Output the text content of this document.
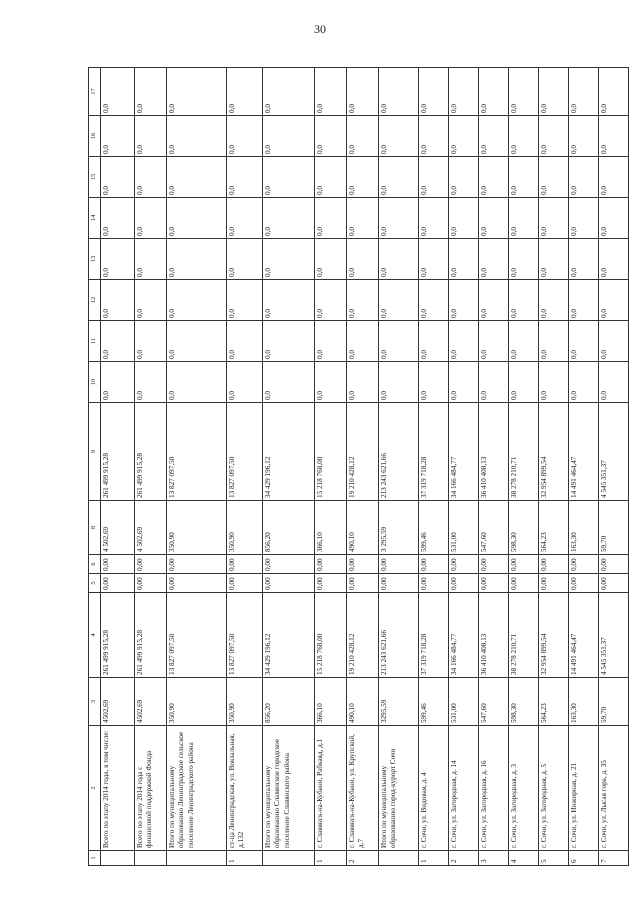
30
1	2	3	4	5	6	8	9	10	11	12	13	14	15	16	17
	Всего по этапу 2014 года, в том числе:	4502,69	261 499 915,28	0,00	0,00	4 502,69	261 499 915,28	0,0	0,0	0,0	0,0	0,0	0,0	0,0	0,0
	Всего по этапу 2014 года с финансовой поддержкой Фонда	4502,69	261 499 915,28	0,00	0,00	4 502,69	261 499 915,28	0,0	0,0	0,0	0,0	0,0	0,0	0,0	0,0
	Итого по муниципальному образованию Ленинградское сельское поселение Ленинградского района	350,90	13 827 097,50	0,00	0,00	350,90	13 827 097,50	0,0	0,0	0,0	0,0	0,0	0,0	0,0	0,0
1	ст-ца Ленинградская, ул. Вокзальная, д.132	350,90	13 827 097,50	0,00	0,00	350,90	13 827 097,50	0,0	0,0	0,0	0,0	0,0	0,0	0,0	0,0
	Итого по муниципальному образованию Славянское городское поселение Славянского района	856,20	34 429 196,12	0,00	0,00	856,20	34 429 196,12	0,0	0,0	0,0	0,0	0,0	0,0	0,0	0,0
1	г. Славянск-на-Кубани, Рабкаяд, д.1	366,10	15 218 768,00	0,00	0,00	366,10	15 218 768,00	0,0	0,0	0,0	0,0	0,0	0,0	0,0	0,0
2	г. Славянск-на-Кубани, ул. Крупской, д.7	490,10	19 210 428,12	0,00	0,00	490,10	19 210 428,12	0,0	0,0	0,0	0,0	0,0	0,0	0,0	0,0
	Итого по муниципальному образованию город-курорт Сочи	3295,59	213 243 621,66	0,00	0,00	3 295,59	213 243 621,66	0,0	0,0	0,0	0,0	0,0	0,0	0,0	0,0
1	г. Сочи, ул. Видовая, д. 4	599,46	37 319 718,28	0,00	0,00	599,46	37 319 718,28	0,0	0,0	0,0	0,0	0,0	0,0	0,0	0,0
2	г. Сочи, ул. Загородная, д. 14	531,00	34 166 484,77	0,00	0,00	531,00	34 166 484,77	0,0	0,0	0,0	0,0	0,0	0,0	0,0	0,0
3	г. Сочи, ул. Загородная, д. 16	547,60	36 410 408,13	0,00	0,00	547,60	36 410 408,13	0,0	0,0	0,0	0,0	0,0	0,0	0,0	0,0
4	г. Сочи, ул. Загородная, д. 3	598,30	38 278 210,71	0,00	0,00	598,30	38 278 210,71	0,0	0,0	0,0	0,0	0,0	0,0	0,0	0,0
5	г. Сочи, ул. Загородная, д. 5	564,23	32 954 899,54	0,00	0,00	564,23	32 954 899,54	0,0	0,0	0,0	0,0	0,0	0,0	0,0	0,0
6	г. Сочи, ул. Инжирная, д. 21	163,30	14 491 464,47	0,00	0,00	163,30	14 491 464,47	0,0	0,0	0,0	0,0	0,0	0,0	0,0	0,0
7	г. Сочи, ул. Лысая гора, д. 35	59,70	4 545 351,37	0,00	0,00	59,70	4 545 351,37	0,0	0,0	0,0	0,0	0,0	0,0	0,0	0,0
